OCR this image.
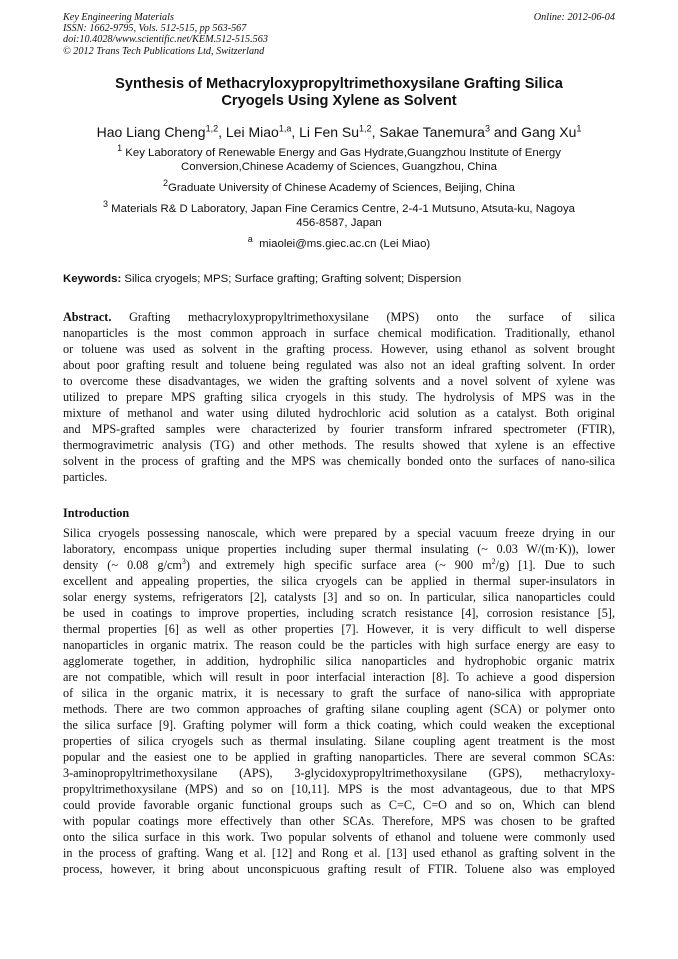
Key Engineering Materials
ISSN: 1662-9795, Vols. 512-515, pp 563-567
doi:10.4028/www.scientific.net/KEM.512-515.563
© 2012 Trans Tech Publications Ltd, Switzerland
Online: 2012-06-04
Synthesis of Methacryloxypropyltrimethoxysilane Grafting Silica
Cryogels Using Xylene as Solvent
Hao Liang Cheng$^{1,2}$, Lei Miao$^{1,a}$, Li Fen Su$^{1,2}$, Sakae Tanemura$^3$ and Gang Xu$^1$
$^1$ Key Laboratory of Renewable Energy and Gas Hydrate,Guangzhou Institute of Energy
Conversion,Chinese Academy of Sciences, Guangzhou, China
$^2$Graduate University of Chinese Academy of Sciences, Beijing, China
$^3$ Materials R& D Laboratory, Japan Fine Ceramics Centre, 2-4-1 Mutsuno, Atsuta-ku, Nagoya
456-8587, Japan
$^a$ miaolei@ms.giec.ac.cn (Lei Miao)
Keywords: Silica cryogels; MPS; Surface grafting; Grafting solvent; Dispersion
Abstract. Grafting methacryloxypropyltrimethoxysilane (MPS) onto the surface of silica
nanoparticles is the most common approach in surface chemical modification. Traditionally, ethanol
or toluene was used as solvent in the grafting process. However, using ethanol as solvent brought
about poor grafting result and toluene being regulated was also not an ideal grafting solvent. In order
to overcome these disadvantages, we widen the grafting solvents and a novel solvent of xylene was
utilized to prepare MPS grafting silica cryogels in this study. The hydrolysis of MPS was in the
mixture of methanol and water using diluted hydrochloric acid solution as a catalyst. Both original
and MPS-grafted samples were characterized by fourier transform infrared spectrometer (FTIR),
thermogravimetric analysis (TG) and other methods. The results showed that xylene is an effective
solvent in the process of grafting and the MPS was chemically bonded onto the surfaces of nano-silica
particles.
Introduction
Silica cryogels possessing nanoscale, which were prepared by a special vacuum freeze drying in our
laboratory, encompass unique properties including super thermal insulating (~ 0.03 W/(m·K)), lower
density (~ 0.08 $g/cm^3$) and extremely high specific surface area (~ 900 $m^2/g$) [1]. Due to such
excellent and appealing properties, the silica cryogels can be applied in thermal super-insulators in
solar energy systems, refrigerators [2], catalysts [3] and so on. In particular, silica nanoparticles could
be used in coatings to improve properties, including scratch resistance [4], corrosion resistance [5],
thermal properties [6] as well as other properties [7]. However, it is very difficult to well disperse
nanoparticles in organic matrix. The reason could be the particles with high surface energy are easy to
agglomerate together, in addition, hydrophilic silica nanoparticles and hydrophobic organic matrix
are not compatible, which will result in poor interfacial interaction [8]. To achieve a good dispersion
of silica in the organic matrix, it is necessary to graft the surface of nano-silica with appropriate
methods. There are two common approaches of grafting silane coupling agent (SCA) or polymer onto
the silica surface [9]. Grafting polymer will form a thick coating, which could weaken the exceptional
properties of silica cryogels such as thermal insulating. Silane coupling agent treatment is the most
popular and the easiest one to be applied in grafting nanoparticles. There are several common SCAs:
3-aminopropyltrimethoxysilane (APS), 3-glycidoxypropyltrimethoxysilane (GPS), methacryloxy-
propyltrimethoxysilane (MPS) and so on [10,11]. MPS is the most advantageous, due to that MPS
could provide favorable organic functional groups such as C=C, C=O and so on, Which can blend
with popular coatings more effectively than other SCAs. Therefore, MPS was chosen to be grafted
onto the silica surface in this work. Two popular solvents of ethanol and toluene were commonly used
in the process of grafting. Wang et al. [12] and Rong et al. [13] used ethanol as grafting solvent in the
process, however, it bring about unconspicuous grafting result of FTIR. Toluene also was employed
